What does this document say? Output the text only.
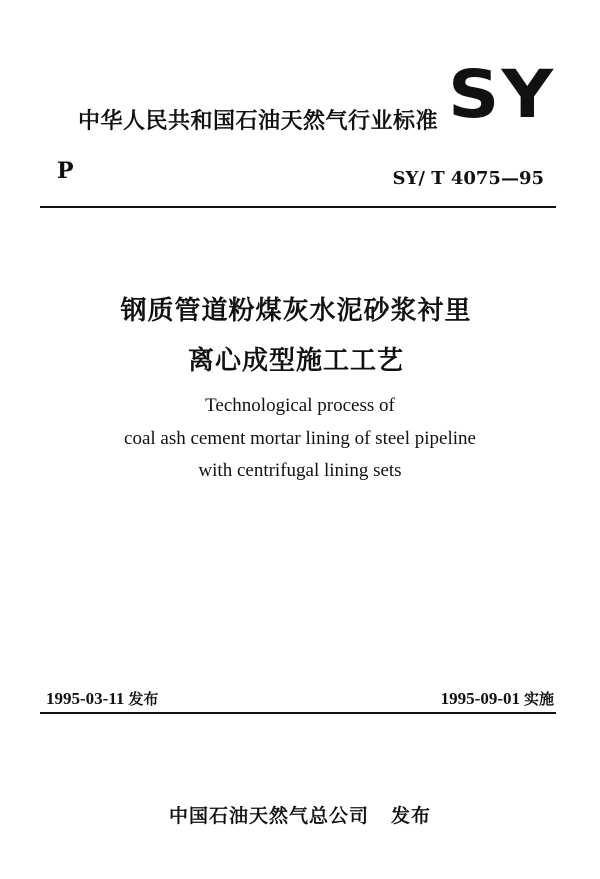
中华人民共和国石油天然气行业标准 SY
P	SY/ T 4075—95
钢质管道粉煤灰水泥砂浆衬里
离心成型施工工艺
Technological process of
coal ash cement mortar lining of steel pipeline
with centrifugal lining sets
1995-03-11 发布	1995-09-01 实施
中国石油天然气总公司 发布
